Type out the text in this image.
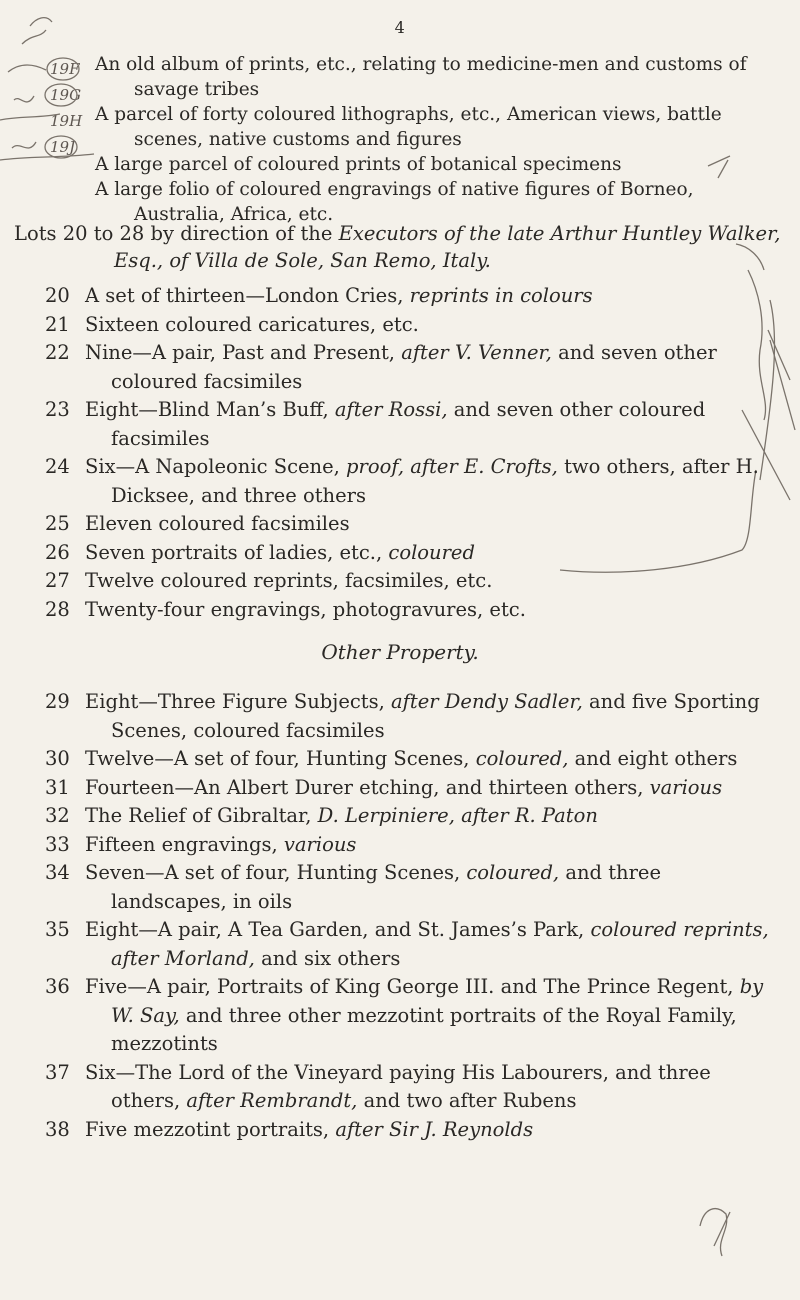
4
19F
19G
19H
19J
An old album of prints, etc., relating to medicine-men and customs of savage tribes
A parcel of forty coloured lithographs, etc., American views, battle scenes, native customs and figures
A large parcel of coloured prints of botanical specimens
A large folio of coloured engravings of native figures of Borneo, Australia, Africa, etc.
Lots 20 to 28 by direction of the Executors of the late Arthur Huntley Walker, Esq., of Villa de Sole, San Remo, Italy.
20 A set of thirteen—London Cries, reprints in colours
21 Sixteen coloured caricatures, etc.
22 Nine—A pair, Past and Present, after V. Venner, and seven other coloured facsimiles
23 Eight—Blind Man’s Buff, after Rossi, and seven other coloured facsimiles
24 Six—A Napoleonic Scene, proof, after E. Crofts, two others, after H. Dicksee, and three others
25 Eleven coloured facsimiles
26 Seven portraits of ladies, etc., coloured
27 Twelve coloured reprints, facsimiles, etc.
28 Twenty-four engravings, photogravures, etc.
Other Property.
29 Eight—Three Figure Subjects, after Dendy Sadler, and five Sporting Scenes, coloured facsimiles
30 Twelve—A set of four, Hunting Scenes, coloured, and eight others
31 Fourteen—An Albert Durer etching, and thirteen others, various
32 The Relief of Gibraltar, D. Lerpiniere, after R. Paton
33 Fifteen engravings, various
34 Seven—A set of four, Hunting Scenes, coloured, and three landscapes, in oils
35 Eight—A pair, A Tea Garden, and St. James’s Park, coloured reprints, after Morland, and six others
36 Five—A pair, Portraits of King George III. and The Prince Regent, by W. Say, and three other mezzotint portraits of the Royal Family, mezzotints
37 Six—The Lord of the Vineyard paying His Labourers, and three others, after Rembrandt, and two after Rubens
38 Five mezzotint portraits, after Sir J. Reynolds
